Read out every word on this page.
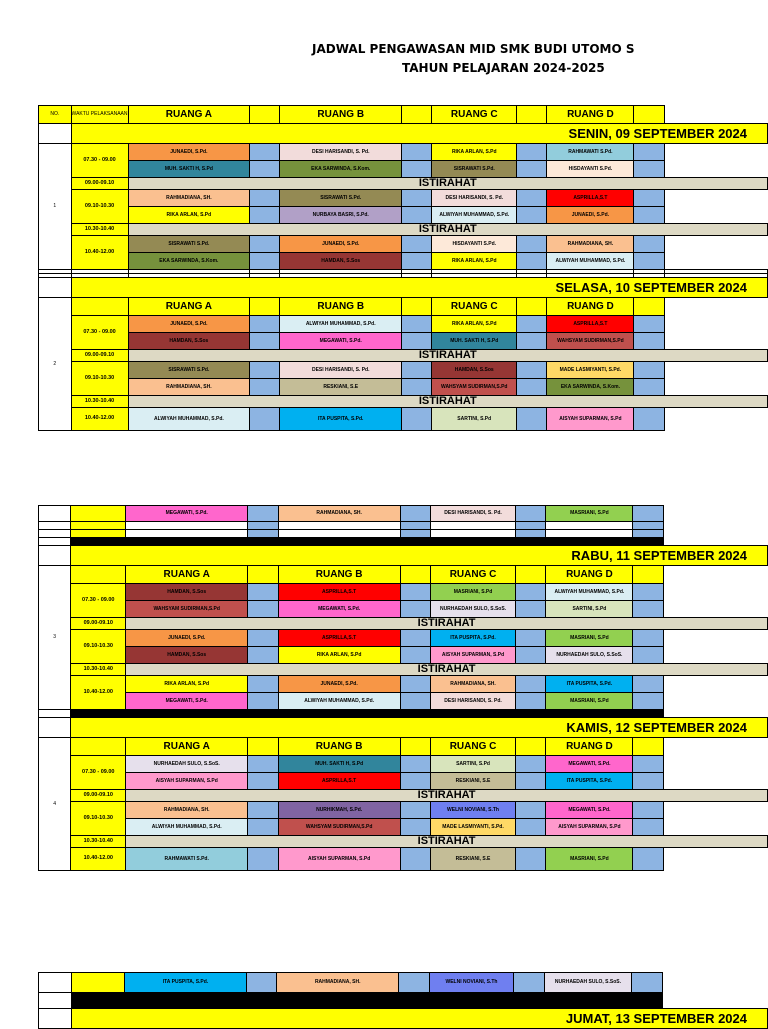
JADWAL PENGAWASAN MID SMK BUDI UTOMO S
TAHUN PELAJARAN 2024-2025
NO.	WAKTU PELAKSANAAN	RUANG A		RUANG B		RUANG C		RUANG D		
	SENIN, 09 SEPTEMBER 2024									
1	07.30 - 09.00	JUNAEDI, S.Pd.		DESI HARISANDI, S. Pd.		RIKA ARLAN, S.Pd		RAHMAWATI S.Pd.		
		MUH. SAKTI H, S.Pd		EKA SARWINDA, S.Kom.		SISRAWATI S.Pd.		HISDAYANTI S.Pd.		
	09.00-09.10	ISTIRAHAT								
	09.10-10.30	RAHMADIANA, SH.		SISRAWATI S.Pd.		DESI HARISANDI, S. Pd.		ASPRILLA,S.T		
		RIKA ARLAN, S.Pd		NURBAYA BASRI, S.Pd.		ALWIYAH MUHAMMAD, S.Pd.		JUNAEDI, S.Pd.		
	10.30-10.40	ISTIRAHAT								
	10.40-12.00	SISRAWATI S.Pd.		JUNAEDI, S.Pd.		HISDAYANTI S.Pd.		RAHMADIANA, SH.		
		EKA SARWINDA, S.Kom.		HAMDAN, S.Sos		RIKA ARLAN, S.Pd		ALWIYAH MUHAMMAD, S.Pd.		

	SELASA, 10 SEPTEMBER 2024									
2		RUANG A		RUANG B		RUANG C		RUANG D		
	07.30 - 09.00	JUNAEDI, S.Pd.		ALWIYAH MUHAMMAD, S.Pd.		RIKA ARLAN, S.Pd		ASPRILLA,S.T		
		HAMDAN, S.Sos		MEGAWATI, S.Pd.		MUH. SAKTI H, S.Pd		WAHSYAM SUDIRMAN,S.Pd		
	09.00-09.10	ISTIRAHAT								
	09.10-10.30	SISRAWATI S.Pd.		DESI HARISANDI, S. Pd.		HAMDAN, S.Sos		MADE LASMIYANTI, S.Pd.		
		RAHMADIANA, SH.		RESKIANI, S.E		WAHSYAM SUDIRMAN,S.Pd		EKA SARWINDA, S.Kom.		
	10.30-10.40	ISTIRAHAT								
	10.40-12.00	ALWIYAH MUHAMMAD, S.Pd.		ITA PUSPITA, S.Pd.		SARTINI, S.Pd		AISYAH SUPARMAN, S.Pd		
		MEGAWATI, S.Pd.		RAHMADIANA, SH.		DESI HARISANDI, S. Pd.		MASRIANI, S.Pd		

	RABU, 11 SEPTEMBER 2024									
3		RUANG A		RUANG B		RUANG C		RUANG D		
	07.30 - 09.00	HAMDAN, S.Sos		ASPRILLA,S.T		MASRIANI, S.Pd		ALWIYAH MUHAMMAD, S.Pd.		
		WAHSYAM SUDIRMAN,S.Pd		MEGAWATI, S.Pd.		NURHAEDAH SULO, S.SoS.		SARTINI, S.Pd		
	09.00-09.10	ISTIRAHAT								
	09.10-10.30	JUNAEDI, S.Pd.		ASPRILLA,S.T		ITA PUSPITA, S.Pd.		MASRIANI, S.Pd		
		HAMDAN, S.Sos		RIKA ARLAN, S.Pd		AISYAH SUPARMAN, S.Pd		NURHAEDAH SULO, S.SoS.		
	10.30-10.40	ISTIRAHAT								
	10.40-12.00	RIKA ARLAN, S.Pd		JUNAEDI, S.Pd.		RAHMADIANA, SH.		ITA PUSPITA, S.Pd.		
		MEGAWATI, S.Pd.		ALWIYAH MUHAMMAD, S.Pd.		DESI HARISANDI, S. Pd.		MASRIANI, S.Pd		

	KAMIS, 12 SEPTEMBER 2024									
4		RUANG A		RUANG B		RUANG C		RUANG D		
	07.30 - 09.00	NURHAEDAH SULO, S.SoS.		MUH. SAKTI H, S.Pd		SARTINI, S.Pd		MEGAWATI, S.Pd.		
		AISYAH SUPARMAN, S.Pd		ASPRILLA,S.T		RESKIANI, S.E		ITA PUSPITA, S.Pd.		
	09.00-09.10	ISTIRAHAT								
	09.10-10.30	RAHMADIANA, SH.		NURHIKMAH, S.Pd.		WELNI NOVIANI, S.Th		MEGAWATI, S.Pd.		
		ALWIYAH MUHAMMAD, S.Pd.		WAHSYAM SUDIRMAN,S.Pd		MADE LASMIYANTI, S.Pd.		AISYAH SUPARMAN, S.Pd		
	10.30-10.40	ISTIRAHAT								
	10.40-12.00	RAHMAWATI S.Pd.		AISYAH SUPARMAN, S.Pd		RESKIANI, S.E		MASRIANI, S.Pd		
		ITA PUSPITA, S.Pd.		RAHMADIANA, SH.		WELNI NOVIANI, S.Th		NURHAEDAH SULO, S.SoS.		

	JUMAT, 13 SEPTEMBER 2024									
